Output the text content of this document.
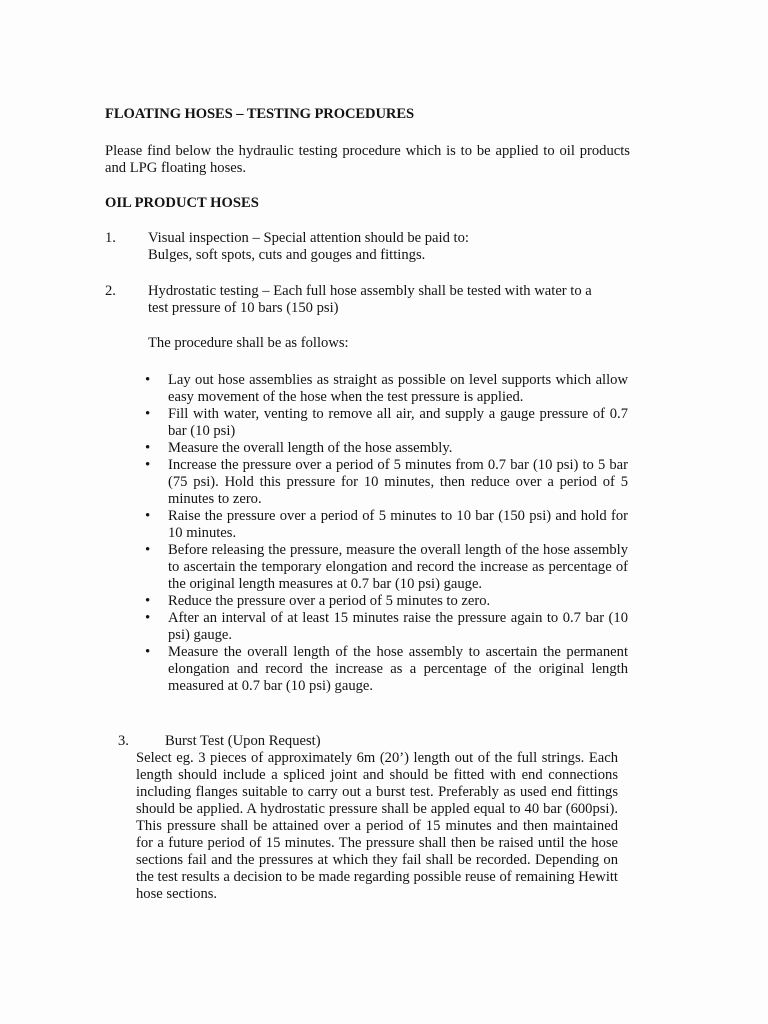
FLOATING HOSES – TESTING PROCEDURES
Please find below the hydraulic testing procedure which is to be applied to oil products and LPG floating hoses.
OIL PRODUCT HOSES
1. Visual inspection – Special attention should be paid to:
Bulges, soft spots, cuts and gouges and fittings.
2. Hydrostatic testing – Each full hose assembly shall be tested with water to a
test pressure of 10 bars (150 psi)
The procedure shall be as follows:
• Lay out hose assemblies as straight as possible on level supports which allow easy movement of the hose when the test pressure is applied.
• Fill with water, venting to remove all air, and supply a gauge pressure of 0.7 bar (10 psi)
• Measure the overall length of the hose assembly.
• Increase the pressure over a period of 5 minutes from 0.7 bar (10 psi) to 5 bar (75 psi). Hold this pressure for 10 minutes, then reduce over a period of 5 minutes to zero.
• Raise the pressure over a period of 5 minutes to 10 bar (150 psi) and hold for 10 minutes.
• Before releasing the pressure, measure the overall length of the hose assembly to ascertain the temporary elongation and record the increase as percentage of the original length measures at 0.7 bar (10 psi) gauge.
• Reduce the pressure over a period of 5 minutes to zero.
• After an interval of at least 15 minutes raise the pressure again to 0.7 bar (10 psi) gauge.
• Measure the overall length of the hose assembly to ascertain the permanent elongation and record the increase as a percentage of the original length measured at 0.7 bar (10 psi) gauge.
3. Burst Test (Upon Request)
Select eg. 3 pieces of approximately 6m (20’) length out of the full strings. Each length should include a spliced joint and should be fitted with end connections including flanges suitable to carry out a burst test. Preferably as used end fittings should be applied. A hydrostatic pressure shall be appled equal to 40 bar (600psi). This pressure shall be attained over a period of 15 minutes and then maintained for a future period of 15 minutes. The pressure shall then be raised until the hose sections fail and the pressures at which they fail shall be recorded. Depending on the test results a decision to be made regarding possible reuse of remaining Hewitt hose sections.
